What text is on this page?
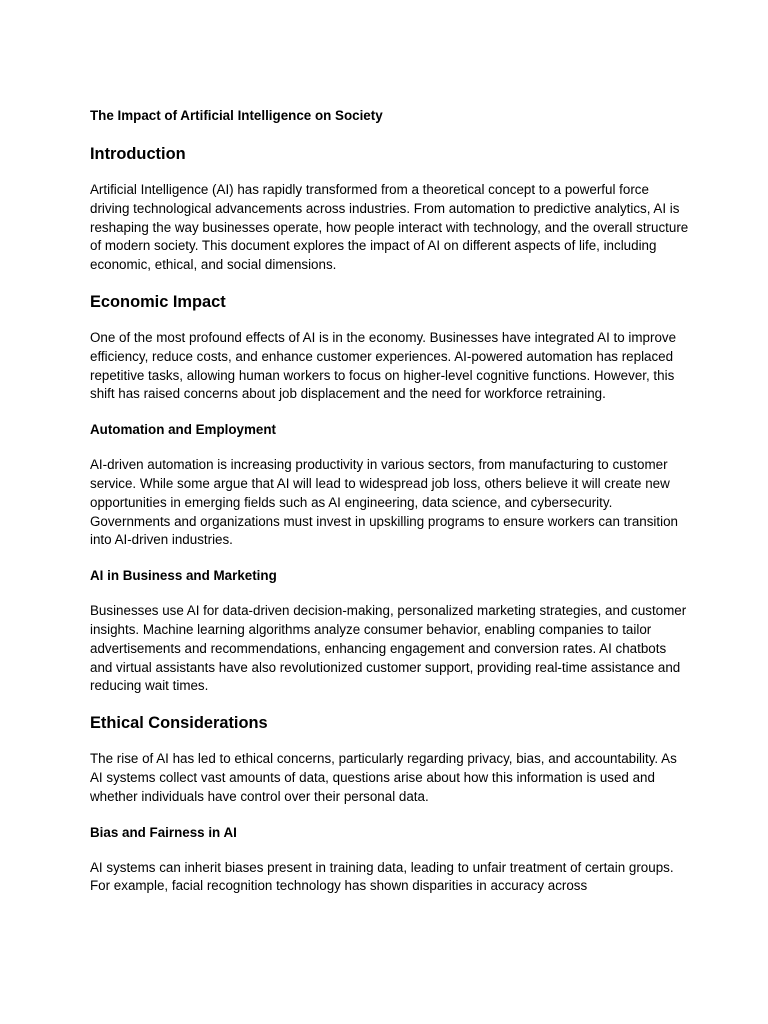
The Impact of Artificial Intelligence on Society
Introduction

Artificial Intelligence (AI) has rapidly transformed from a theoretical concept to a powerful force driving technological advancements across industries. From automation to predictive analytics, AI is reshaping the way businesses operate, how people interact with technology, and the overall structure of modern society. This document explores the impact of AI on different aspects of life, including economic, ethical, and social dimensions.

Economic Impact

One of the most profound effects of AI is in the economy. Businesses have integrated AI to improve efficiency, reduce costs, and enhance customer experiences. AI-powered automation has replaced repetitive tasks, allowing human workers to focus on higher-level cognitive functions. However, this shift has raised concerns about job displacement and the need for workforce retraining.

Automation and Employment

AI-driven automation is increasing productivity in various sectors, from manufacturing to customer service. While some argue that AI will lead to widespread job loss, others believe it will create new opportunities in emerging fields such as AI engineering, data science, and cybersecurity. Governments and organizations must invest in upskilling programs to ensure workers can transition into AI-driven industries.

AI in Business and Marketing

Businesses use AI for data-driven decision-making, personalized marketing strategies, and customer insights. Machine learning algorithms analyze consumer behavior, enabling companies to tailor advertisements and recommendations, enhancing engagement and conversion rates. AI chatbots and virtual assistants have also revolutionized customer support, providing real-time assistance and reducing wait times.

Ethical Considerations

The rise of AI has led to ethical concerns, particularly regarding privacy, bias, and accountability. As AI systems collect vast amounts of data, questions arise about how this information is used and whether individuals have control over their personal data.

Bias and Fairness in AI

AI systems can inherit biases present in training data, leading to unfair treatment of certain groups. For example, facial recognition technology has shown disparities in accuracy across
